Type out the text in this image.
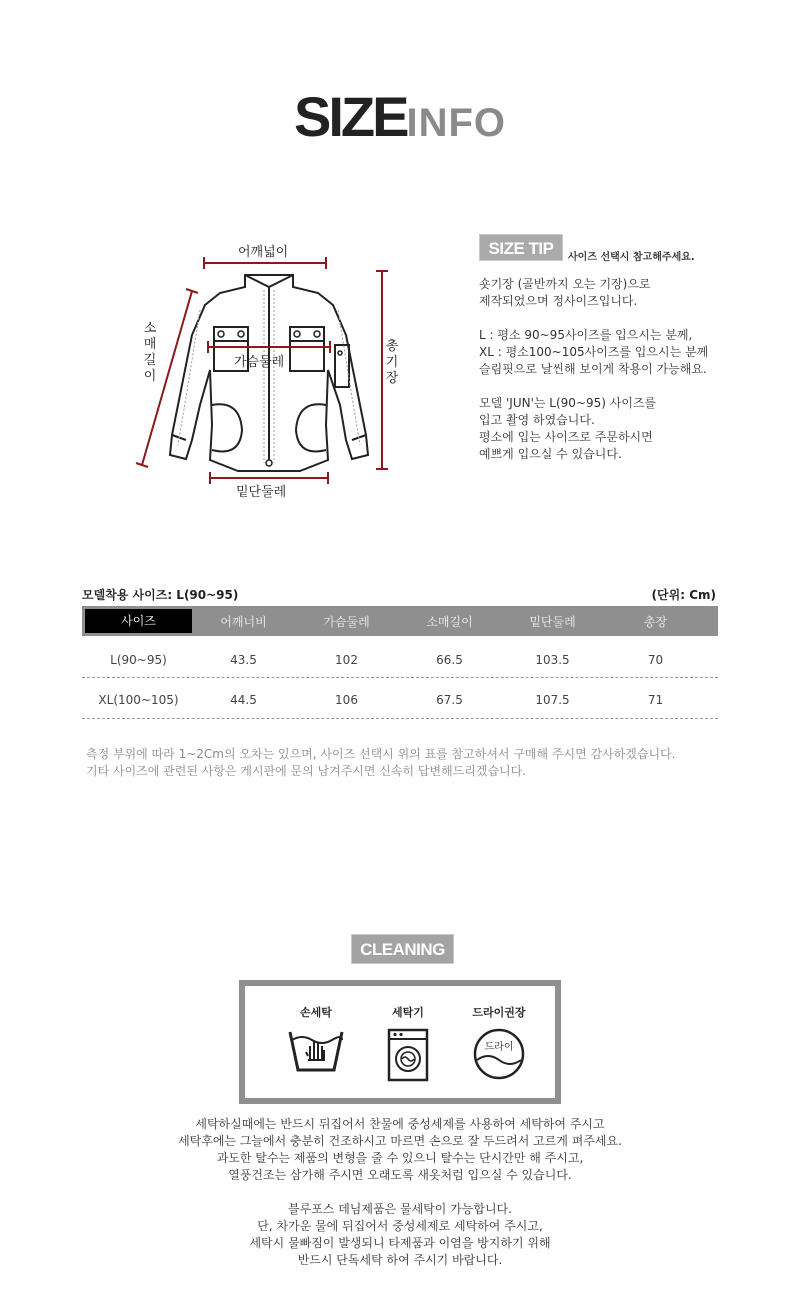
SIZEINFO
어깨넓이
가슴둘레
밑단둘레
소매길이
총기장
SIZE TIP	사이즈 선택시 참고해주세요.
숏기장 (골반까지 오는 기장)으로
제작되었으며 정사이즈입니다.
L : 평소 90~95사이즈를 입으시는 분께,
XL : 평소100~105사이즈를 입으시는 분께
슬림핏으로 날씬해 보이게 착용이 가능해요.
모델 'JUN'는 L(90~95) 사이즈를
입고 촬영 하였습니다.
평소에 입는 사이즈로 주문하시면
예쁘게 입으실 수 있습니다.
모델착용 사이즈: L(90~95)	(단위: Cm)
사이즈	어깨너비	가슴둘레	소매길이	밑단둘레	총장
L(90~95)	43.5	102	66.5	103.5	70
XL(100~105)	44.5	106	67.5	107.5	71
측정 부위에 따라 1~2Cm의 오차는 있으며, 사이즈 선택시 위의 표를 참고하셔서 구매해 주시면 감사하겠습니다.
기타 사이즈에 관련된 사항은 게시판에 문의 남겨주시면 신속히 답변해드리겠습니다.
CLEANING
손세탁	세탁기	드라이권장
드라이
세탁하실때에는 반드시 뒤집어서 찬물에 중성세제를 사용하여 세탁하여 주시고
세탁후에는 그늘에서 충분히 건조하시고 마르면 손으로 잘 두드려서 고르게 펴주세요.
과도한 탈수는 제품의 변형을 줄 수 있으니 탈수는 단시간만 해 주시고,
열풍건조는 삼가해 주시면 오래도록 새옷처럼 입으실 수 있습니다.
블루포스 데님제품은 물세탁이 가능합니다.
단, 차가운 물에 뒤집어서 중성세제로 세탁하여 주시고,
세탁시 물빠짐이 발생되니 타제품과 이염을 방지하기 위해
반드시 단독세탁 하여 주시기 바랍니다.
